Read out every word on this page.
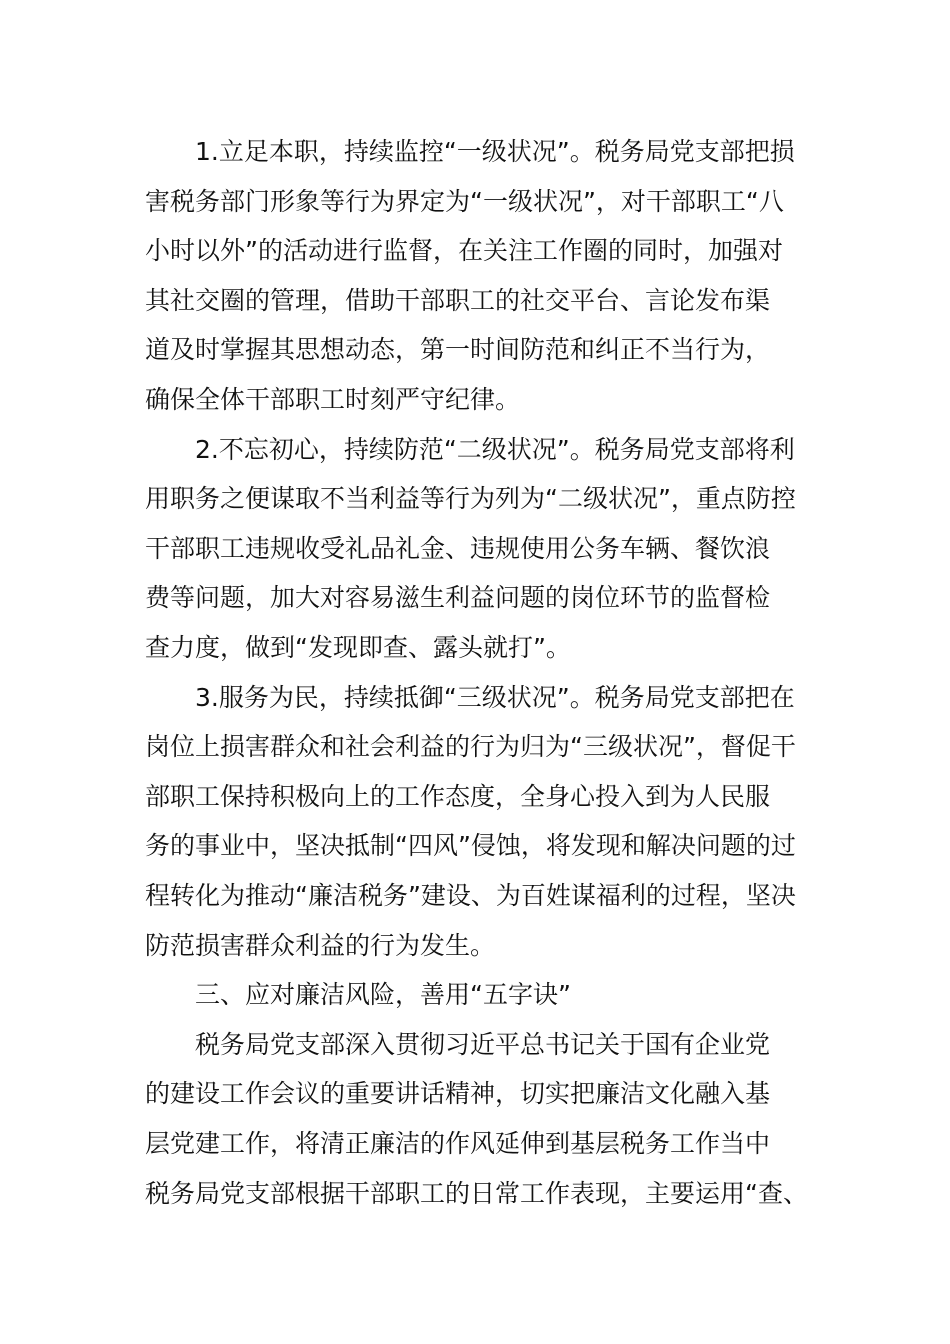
1.立足本职，持续监控“一级状况”。税务局党支部把损
害税务部门形象等行为界定为“一级状况”，对干部职工“八
小时以外”的活动进行监督，在关注工作圈的同时，加强对
其社交圈的管理，借助干部职工的社交平台、言论发布渠
道及时掌握其思想动态，第一时间防范和纠正不当行为，
确保全体干部职工时刻严守纪律。
2.不忘初心，持续防范“二级状况”。税务局党支部将利
用职务之便谋取不当利益等行为列为“二级状况”，重点防控
干部职工违规收受礼品礼金、违规使用公务车辆、餐饮浪
费等问题，加大对容易滋生利益问题的岗位环节的监督检
查力度，做到“发现即查、露头就打”。
3.服务为民，持续抵御“三级状况”。税务局党支部把在
岗位上损害群众和社会利益的行为归为“三级状况”，督促干
部职工保持积极向上的工作态度，全身心投入到为人民服
务的事业中，坚决抵制“四风”侵蚀，将发现和解决问题的过
程转化为推动“廉洁税务”建设、为百姓谋福利的过程，坚决
防范损害群众利益的行为发生。
三、应对廉洁风险，善用“五字诀”
税务局党支部深入贯彻习近平总书记关于国有企业党
的建设工作会议的重要讲话精神，切实把廉洁文化融入基
层党建工作，将清正廉洁的作风延伸到基层税务工作当中
税务局党支部根据干部职工的日常工作表现，主要运用“查、
